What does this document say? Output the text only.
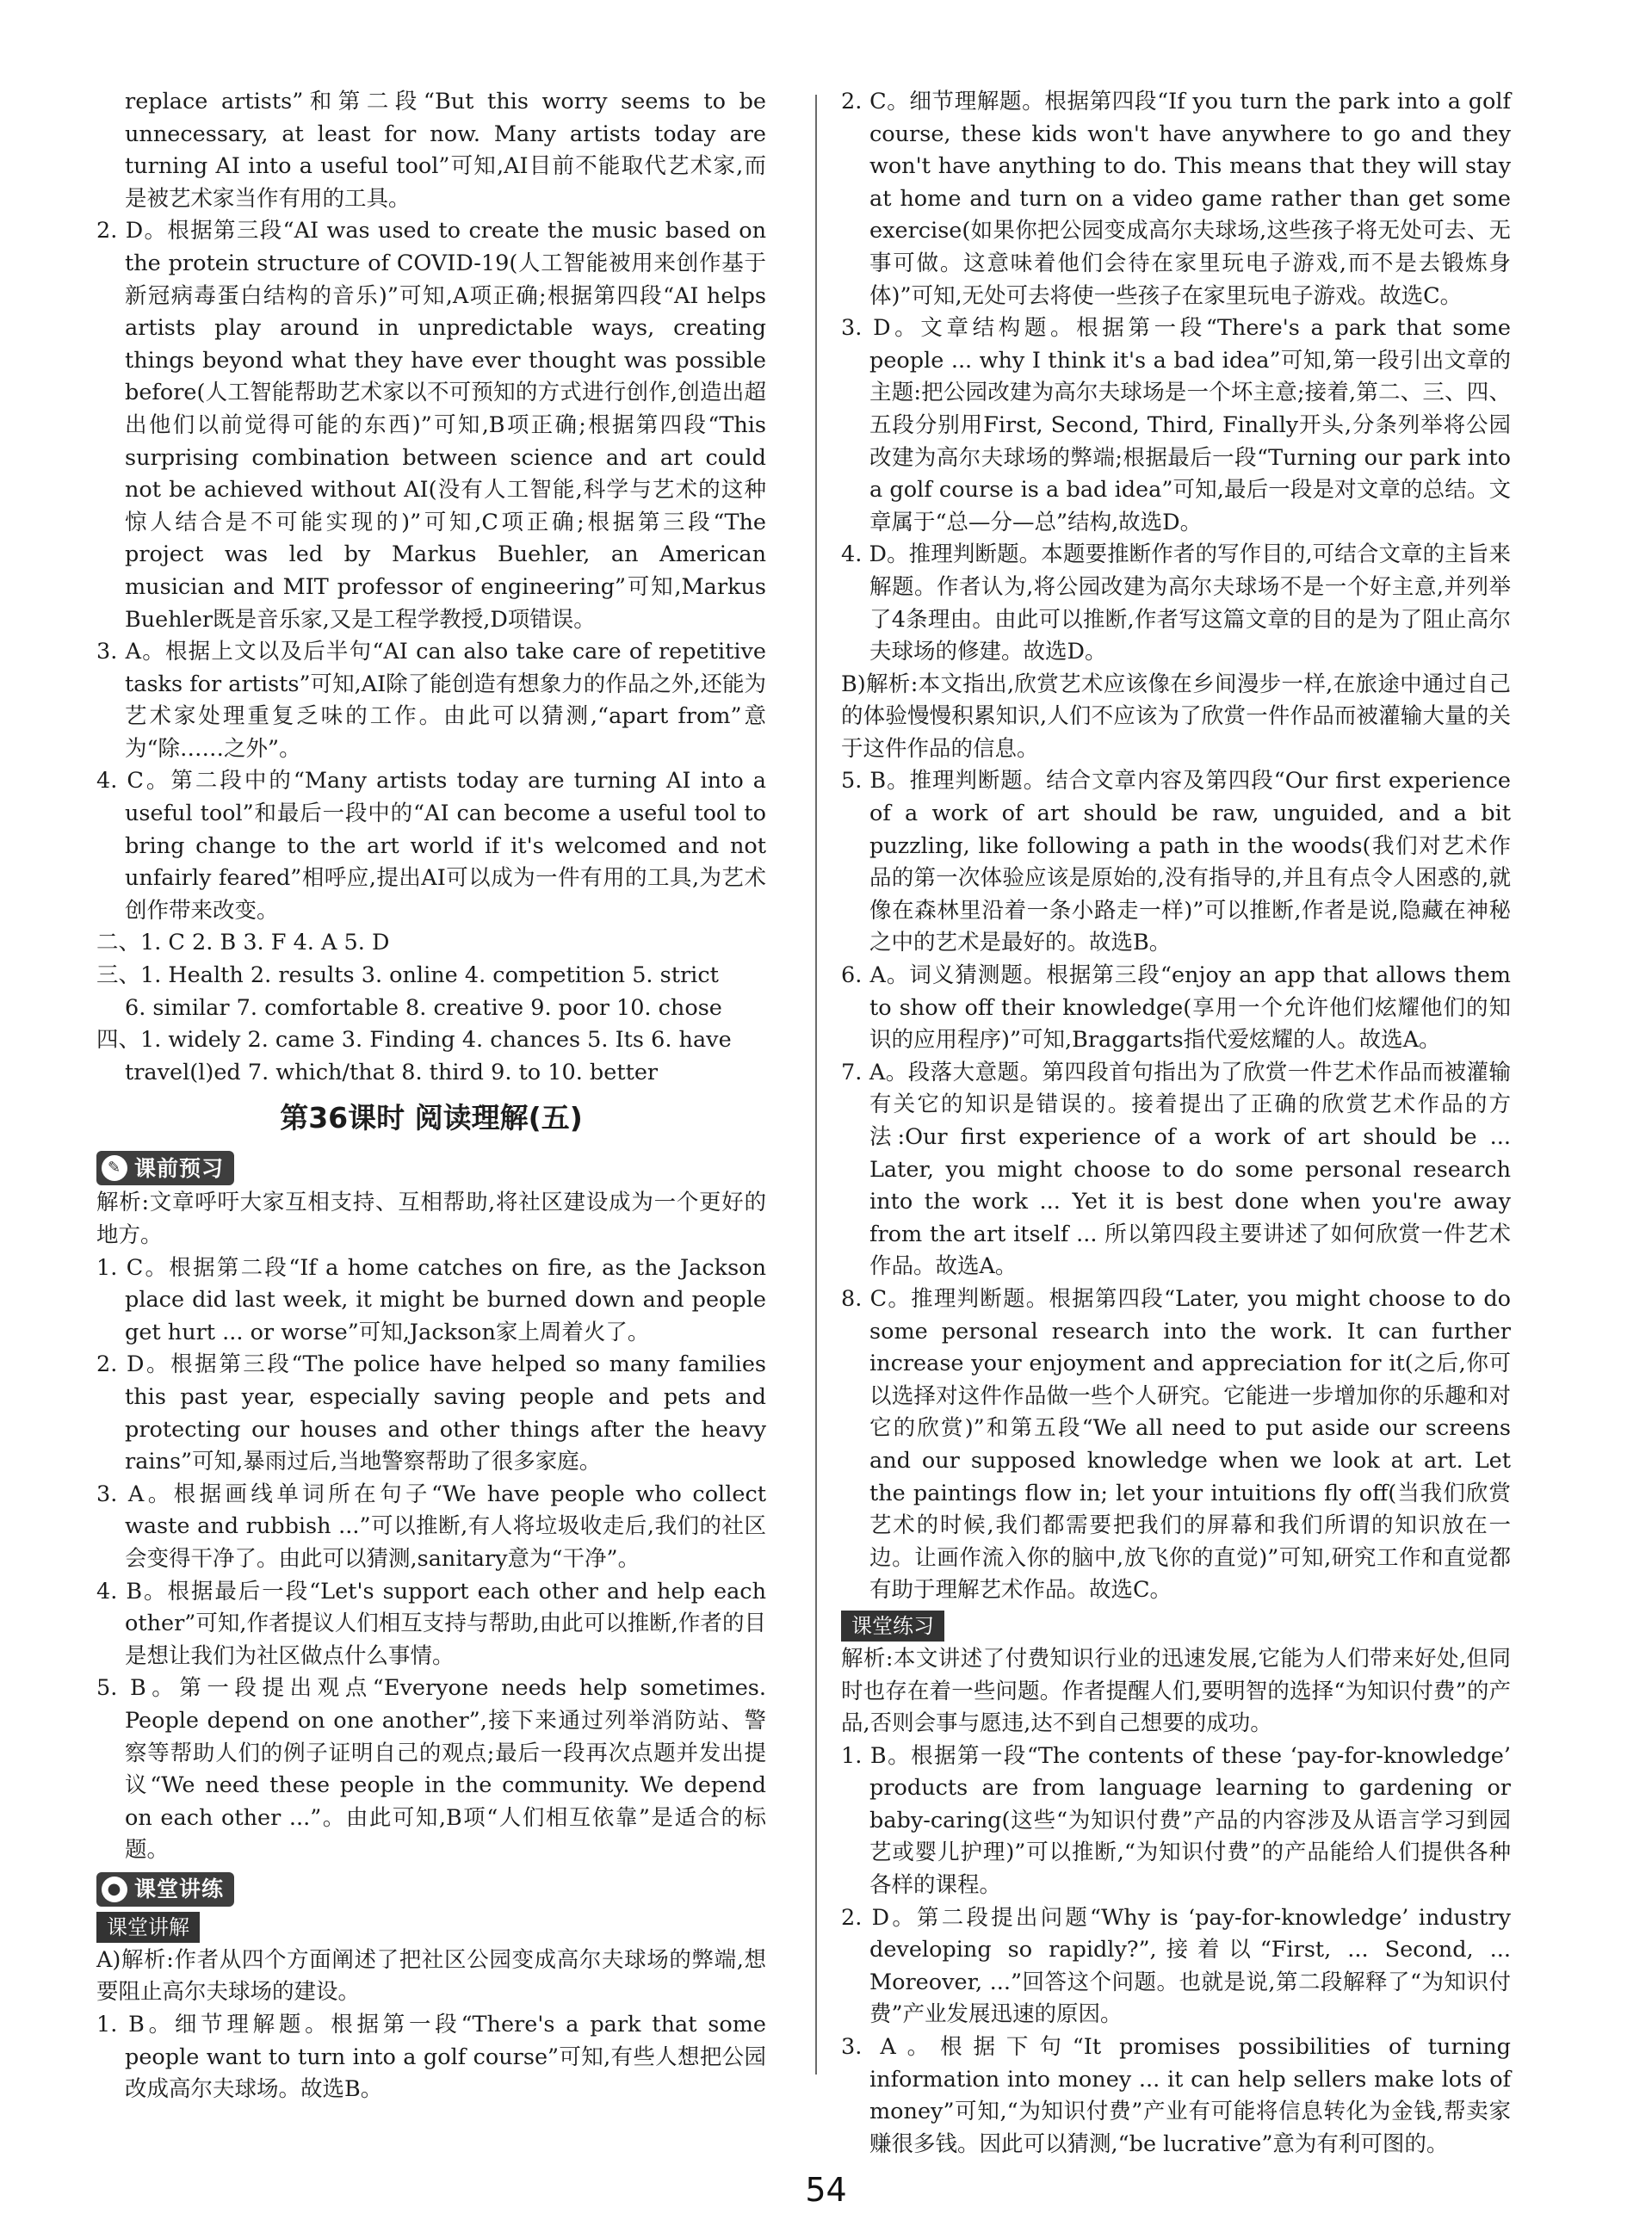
replace artists”和第二段“But this worry seems to be unnecessary, at least for now. Many artists today are turning AI into a useful tool”可知,AI目前不能取代艺术家,而是被艺术家当作有用的工具。

2. D。根据第三段“AI was used to create the music based on the protein structure of COVID-19(人工智能被用来创作基于新冠病毒蛋白结构的音乐)”可知,A项正确;根据第四段“AI helps artists play around in unpredictable ways, creating things beyond what they have ever thought was possible before(人工智能帮助艺术家以不可预知的方式进行创作,创造出超出他们以前觉得可能的东西)”可知,B项正确;根据第四段“This surprising combination between science and art could not be achieved without AI(没有人工智能,科学与艺术的这种惊人结合是不可能实现的)”可知,C项正确;根据第三段“The project was led by Markus Buehler, an American musician and MIT professor of engineering”可知,Markus Buehler既是音乐家,又是工程学教授,D项错误。

3. A。根据上文以及后半句“AI can also take care of repetitive tasks for artists”可知,AI除了能创造有想象力的作品之外,还能为艺术家处理重复乏味的工作。由此可以猜测,“apart from”意为“除……之外”。

4. C。第二段中的“Many artists today are turning AI into a useful tool”和最后一段中的“AI can become a useful tool to bring change to the art world if it's welcomed and not unfairly feared”相呼应,提出AI可以成为一件有用的工具,为艺术创作带来改变。

二、1. C 2. B 3. F 4. A 5. D

三、1. Health 2. results 3. online 4. competition 5. strict

6. similar 7. comfortable 8. creative 9. poor 10. chose

四、1. widely 2. came 3. Finding 4. chances 5. Its 6. have

travel(l)ed 7. which/that 8. third 9. to 10. better

第36课时 阅读理解(五)
✎ 课前预习

解析:文章呼吁大家互相支持、互相帮助,将社区建设成为一个更好的地方。

1. C。根据第二段“If a home catches on fire, as the Jackson place did last week, it might be burned down and people get hurt ... or worse”可知,Jackson家上周着火了。

2. D。根据第三段“The police have helped so many families this past year, especially saving people and pets and protecting our houses and other things after the heavy rains”可知,暴雨过后,当地警察帮助了很多家庭。

3. A。根据画线单词所在句子“We have people who collect waste and rubbish ...”可以推断,有人将垃圾收走后,我们的社区会变得干净了。由此可以猜测,sanitary意为“干净”。

4. B。根据最后一段“Let's support each other and help each other”可知,作者提议人们相互支持与帮助,由此可以推断,作者的目是想让我们为社区做点什么事情。

5. B。第一段提出观点“Everyone needs help sometimes. People depend on one another”,接下来通过列举消防站、警察等帮助人们的例子证明自己的观点;最后一段再次点题并发出提议“We need these people in the community. We depend on each other ...”。由此可知,B项“人们相互依靠”是适合的标题。

● 课堂讲练
课堂讲解

A)解析:作者从四个方面阐述了把社区公园变成高尔夫球场的弊端,想要阻止高尔夫球场的建设。

1. B。细节理解题。根据第一段“There's a park that some people want to turn into a golf course”可知,有些人想把公园改成高尔夫球场。故选B。

2. C。细节理解题。根据第四段“If you turn the park into a golf course, these kids won't have anywhere to go and they won't have anything to do. This means that they will stay at home and turn on a video game rather than get some exercise(如果你把公园变成高尔夫球场,这些孩子将无处可去、无事可做。这意味着他们会待在家里玩电子游戏,而不是去锻炼身体)”可知,无处可去将使一些孩子在家里玩电子游戏。故选C。

3. D。文章结构题。根据第一段“There's a park that some people ... why I think it's a bad idea”可知,第一段引出文章的主题:把公园改建为高尔夫球场是一个坏主意;接着,第二、三、四、五段分别用First, Second, Third, Finally开头,分条列举将公园改建为高尔夫球场的弊端;根据最后一段“Turning our park into a golf course is a bad idea”可知,最后一段是对文章的总结。文章属于“总—分—总”结构,故选D。

4. D。推理判断题。本题要推断作者的写作目的,可结合文章的主旨来解题。作者认为,将公园改建为高尔夫球场不是一个好主意,并列举了4条理由。由此可以推断,作者写这篇文章的目的是为了阻止高尔夫球场的修建。故选D。

B)解析:本文指出,欣赏艺术应该像在乡间漫步一样,在旅途中通过自己的体验慢慢积累知识,人们不应该为了欣赏一件作品而被灌输大量的关于这件作品的信息。

5. B。推理判断题。结合文章内容及第四段“Our first experience of a work of art should be raw, unguided, and a bit puzzling, like following a path in the woods(我们对艺术作品的第一次体验应该是原始的,没有指导的,并且有点令人困惑的,就像在森林里沿着一条小路走一样)”可以推断,作者是说,隐藏在神秘之中的艺术是最好的。故选B。

6. A。词义猜测题。根据第三段“enjoy an app that allows them to show off their knowledge(享用一个允许他们炫耀他们的知识的应用程序)”可知,Braggarts指代爱炫耀的人。故选A。

7. A。段落大意题。第四段首句指出为了欣赏一件艺术作品而被灌输有关它的知识是错误的。接着提出了正确的欣赏艺术作品的方法:Our first experience of a work of art should be ... Later, you might choose to do some personal research into the work ... Yet it is best done when you're away from the art itself ... 所以第四段主要讲述了如何欣赏一件艺术作品。故选A。

8. C。推理判断题。根据第四段“Later, you might choose to do some personal research into the work. It can further increase your enjoyment and appreciation for it(之后,你可以选择对这件作品做一些个人研究。它能进一步增加你的乐趣和对它的欣赏)”和第五段“We all need to put aside our screens and our supposed knowledge when we look at art. Let the paintings flow in; let your intuitions fly off(当我们欣赏艺术的时候,我们都需要把我们的屏幕和我们所谓的知识放在一边。让画作流入你的脑中,放飞你的直觉)”可知,研究工作和直觉都有助于理解艺术作品。故选C。

课堂练习

解析:本文讲述了付费知识行业的迅速发展,它能为人们带来好处,但同时也存在着一些问题。作者提醒人们,要明智的选择“为知识付费”的产品,否则会事与愿违,达不到自己想要的成功。

1. B。根据第一段“The contents of these ‘pay-for-knowledge’ products are from language learning to gardening or baby-caring(这些“为知识付费”产品的内容涉及从语言学习到园艺或婴儿护理)”可以推断,“为知识付费”的产品能给人们提供各种各样的课程。

2. D。第二段提出问题“Why is ‘pay-for-knowledge’ industry developing so rapidly?”,接着以“First, ... Second, ... Moreover, ...”回答这个问题。也就是说,第二段解释了“为知识付费”产业发展迅速的原因。

3. A。根据下句“It promises possibilities of turning information into money ... it can help sellers make lots of money”可知,“为知识付费”产业有可能将信息转化为金钱,帮卖家赚很多钱。因此可以猜测,“be lucrative”意为有利可图的。

54
